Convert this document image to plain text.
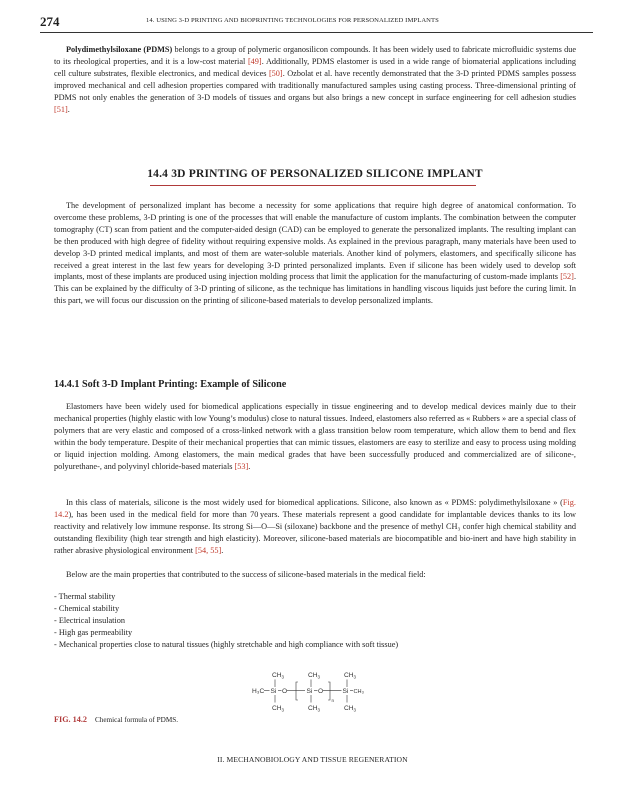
274	14. USING 3-D PRINTING AND BIOPRINTING TECHNOLOGIES FOR PERSONALIZED IMPLANTS

Polydimethylsiloxane (PDMS) belongs to a group of polymeric organosilicon compounds. It has been widely used to fabricate microfluidic systems due to its rheological properties, and it is a low-cost material [49]. Additionally, PDMS elastomer is used in a wide range of biomaterial applications including cell culture substrates, flexible electronics, and medical devices [50]. Ozbolat et al. have recently demonstrated that the 3-D printed PDMS samples possess improved mechanical and cell adhesion properties compared with traditionally manufactured samples using casting process. Three-dimensional printing of PDMS not only enables the generation of 3-D models of tissues and organs but also brings a new concept in surface engineering for cell adhesion studies [51].

14.4 3D PRINTING OF PERSONALIZED SILICONE IMPLANT

The development of personalized implant has become a necessity for some applications that require high degree of anatomical conformation. To overcome these problems, 3-D printing is one of the processes that will enable the manufacture of custom implants. The combination between the computer tomography (CT) scan from patient and the computer-aided design (CAD) can be employed to generate the personalized implants. The resulting implant can be then produced with high degree of fidelity without requiring expensive molds. As explained in the previous paragraph, many materials have been used to develop 3-D printed medical implants, and most of them are water-soluble materials. Another kind of polymers, elastomers, and specifically silicone has received a great interest in the last few years for developing 3-D printed personalized implants. Even if silicone has been widely used to develop soft implants, most of these implants are produced using injection molding process that limit the application for the manufacturing of custom-made implants [52]. This can be explained by the difficulty of 3-D printing of silicone, as the technique has limitations in handling viscous liquids just before the curing limit. In this part, we will focus our discussion on the printing of silicone-based materials to develop personalized implants.

14.4.1 Soft 3-D Implant Printing: Example of Silicone

Elastomers have been widely used for biomedical applications especially in tissue engineering and to develop medical devices mainly due to their mechanical properties (highly elastic with low Young’s modulus) close to natural tissues. Indeed, elastomers also referred as « Rubbers » are a special class of polymers that are very elastic and composed of a cross-linked network with a glass transition below room temperature, which allow them to bend and flex within the body temperature. Despite of their mechanical properties that can mimic tissues, elastomers are easy to sterilize and easy to process using molding or liquid injection molding. Among elastomers, the main medical grades that have been successfully produced and commercialized are of silicone-, polyurethane-, and polyvinyl chloride-based materials [53].

In this class of materials, silicone is the most widely used for biomedical applications. Silicone, also known as « PDMS: polydimethylsiloxane » (Fig. 14.2), has been used in the medical field for more than 70 years. These materials represent a good candidate for implantable devices thanks to its low reactivity and relatively low immune response. Its strong Si—O—Si (siloxane) backbone and the presence of methyl CH₃ confer high chemical stability and outstanding flexibility (high tear strength and high elasticity). Moreover, silicone-based materials are biocompatible and bio-inert and have high stability in rather abrasive physiological environment [54, 55].

Below are the main properties that contributed to the success of silicone-based materials in the medical field:

- Thermal stability
- Chemical stability
- Electrical insulation
- High gas permeability
- Mechanical properties close to natural tissues (highly stretchable and high compliance with soft tissue)
$CH_3$	$CH_3$	$CH_3$
H₃C Si O	Si O
n
Si CH₃
$CH_3$	$CH_3$	$CH_3$
FIG. 14.2 Chemical formula of PDMS.
II. MECHANOBIOLOGY AND TISSUE REGENERATION
